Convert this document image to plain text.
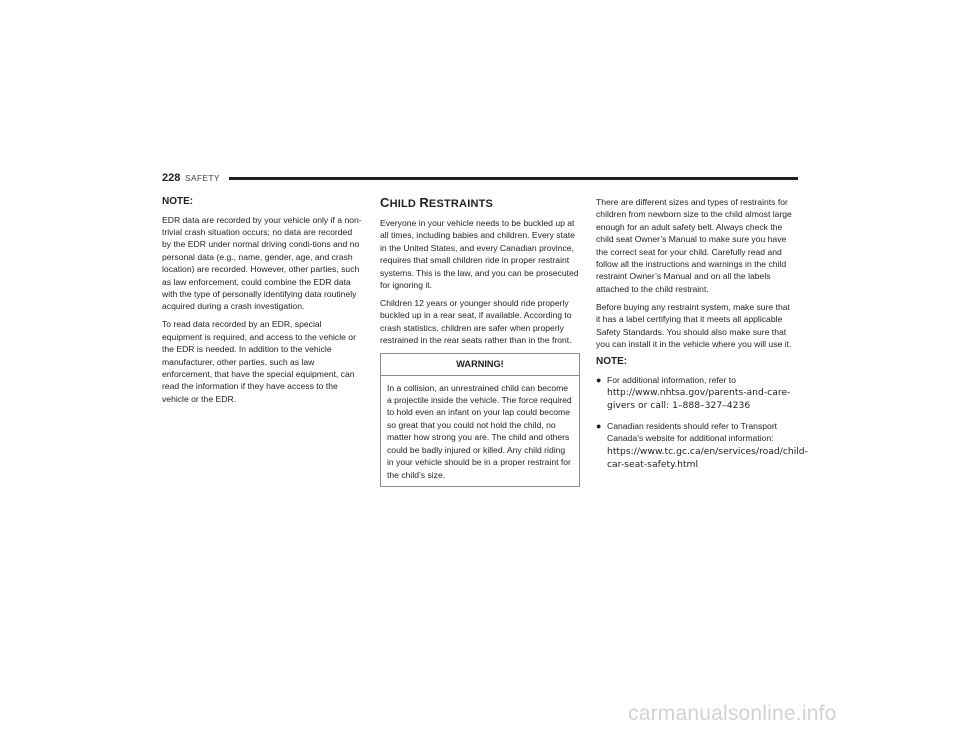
228 SAFETY

NOTE:

EDR data are recorded by your vehicle only if a non-trivial crash situation occurs; no data are recorded by the EDR under normal driving condi-tions and no personal data (e.g., name, gender, age, and crash location) are recorded. However, other parties, such as law enforcement, could combine the EDR data with the type of personally identifying data routinely acquired during a crash investigation.

To read data recorded by an EDR, special equipment is required, and access to the vehicle or the EDR is needed. In addition to the vehicle manufacturer, other parties, such as law enforcement, that have the special equipment, can read the information if they have access to the vehicle or the EDR.

CHILD RESTRAINTS

Everyone in your vehicle needs to be buckled up at all times, including babies and children. Every state in the United States, and every Canadian province, requires that small children ride in proper restraint systems. This is the law, and you can be prosecuted for ignoring it.

Children 12 years or younger should ride properly buckled up in a rear seat, if available. According to crash statistics, children are safer when properly restrained in the rear seats rather than in the front.

WARNING!
In a collision, an unrestrained child can become a projectile inside the vehicle. The force required to hold even an infant on your lap could become so great that you could not hold the child, no matter how strong you are. The child and others could be badly injured or killed. Any child riding in your vehicle should be in a proper restraint for the child’s size.

There are different sizes and types of restraints for children from newborn size to the child almost large enough for an adult safety belt. Always check the child seat Owner’s Manual to make sure you have the correct seat for your child. Carefully read and follow all the instructions and warnings in the child restraint Owner’s Manual and on all the labels attached to the child restraint.

Before buying any restraint system, make sure that it has a label certifying that it meets all applicable Safety Standards. You should also make sure that you can install it in the vehicle where you will use it.

NOTE:

● For additional information, refer to
http://www.nhtsa.gov/parents-and-care-givers or call: 1–888–327–4236
● Canadian residents should refer to Transport Canada’s website for additional information:
https://www.tc.gc.ca/en/services/road/child-car-seat-safety.html
carmanualsonline.info
